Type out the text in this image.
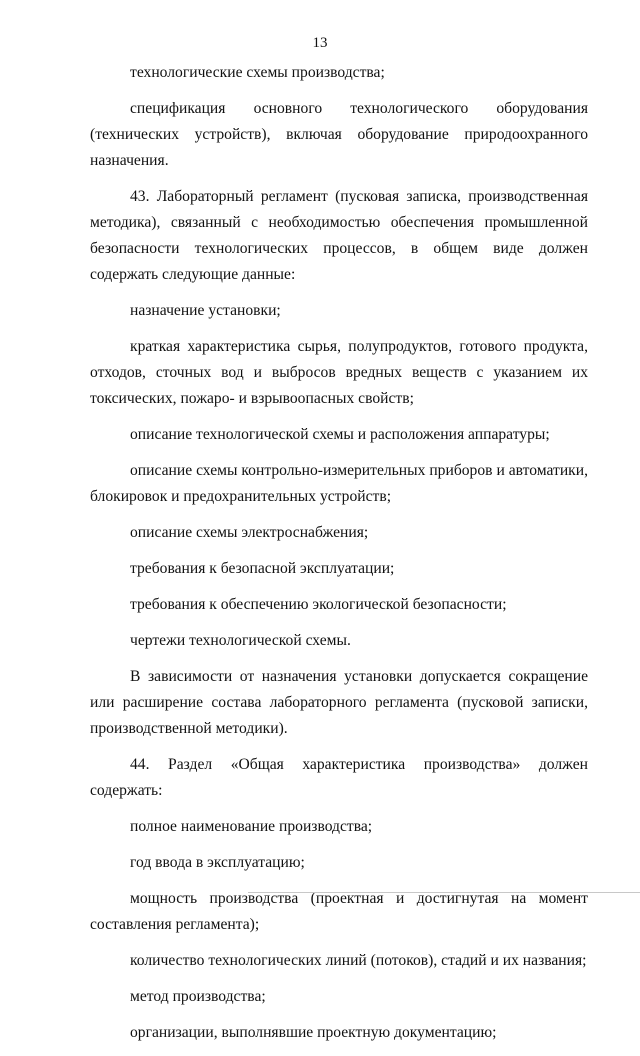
13

технологические схемы производства;

спецификация основного технологического оборудования (технических устройств), включая оборудование природоохранного назначения.

43. Лабораторный регламент (пусковая записка, производственная методика), связанный с необходимостью обеспечения промышленной безопасности технологических процессов, в общем виде должен содержать следующие данные:

назначение установки;

краткая характеристика сырья, полупродуктов, готового продукта, отходов, сточных вод и выбросов вредных веществ с указанием их токсических, пожаро- и взрывоопасных свойств;

описание технологической схемы и расположения аппаратуры;

описание схемы контрольно-измерительных приборов и автоматики, блокировок и предохранительных устройств;

описание схемы электроснабжения;

требования к безопасной эксплуатации;

требования к обеспечению экологической безопасности;

чертежи технологической схемы.

В зависимости от назначения установки допускается сокращение или расширение состава лабораторного регламента (пусковой записки, производственной методики).

44. Раздел «Общая характеристика производства» должен содержать:

полное наименование производства;

год ввода в эксплуатацию;

мощность производства (проектная и достигнутая на момент составления регламента);

количество технологических линий (потоков), стадий и их названия;

метод производства;

организации, выполнявшие проектную документацию;
